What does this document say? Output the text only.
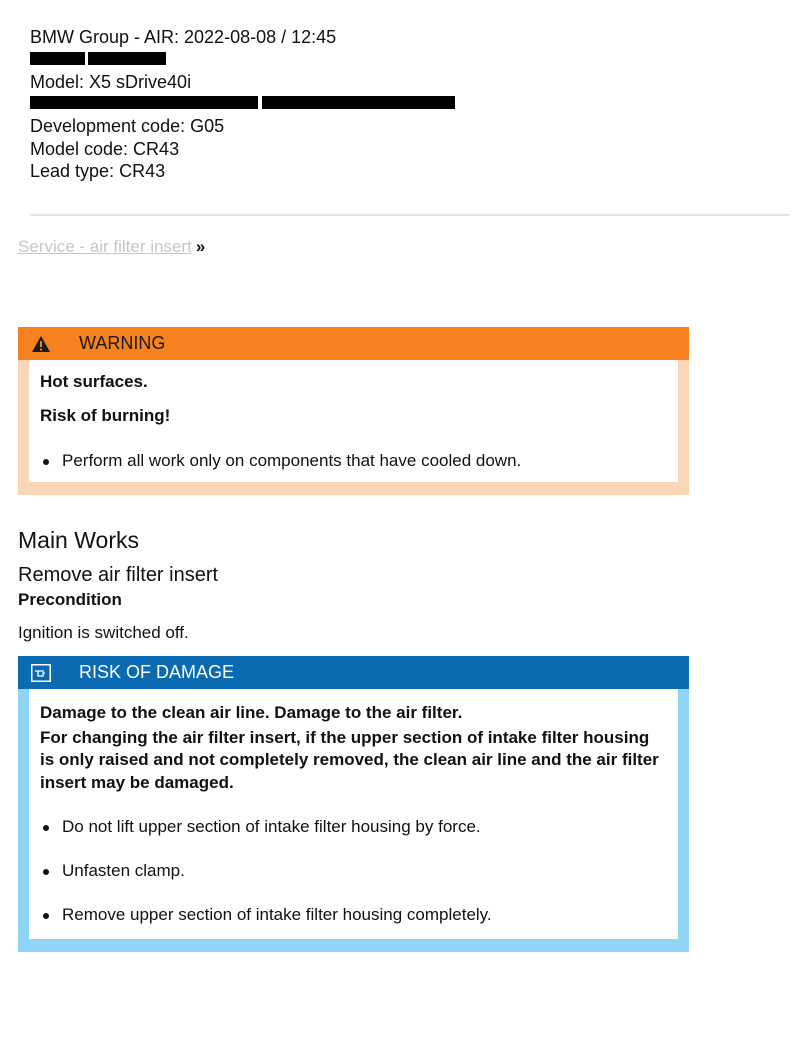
BMW Group - AIR: 2022-08-08 / 12:45
Model: X5 sDrive40i
Development code: G05
Model code: CR43
Lead type: CR43
Service - air filter insert »
WARNING

Hot surfaces.

Risk of burning!

Perform all work only on components that have cooled down.
Main Works
Remove air filter insert
Precondition
Ignition is switched off.
RISK OF DAMAGE

Damage to the clean air line. Damage to the air filter.

For changing the air filter insert, if the upper section of intake filter housing is only raised and not completely removed, the clean air line and the air filter insert may be damaged.

Do not lift upper section of intake filter housing by force.
Unfasten clamp.
Remove upper section of intake filter housing completely.
